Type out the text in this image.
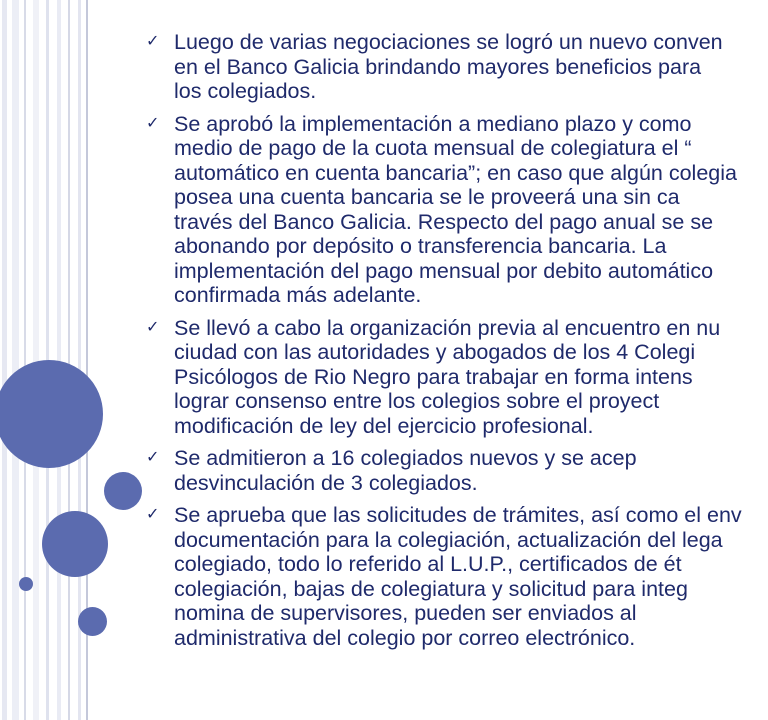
✓ Luego de varias negociaciones se logró un nuevo conven
en el Banco Galicia brindando mayores beneficios para
los colegiados.
✓ Se aprobó la implementación a mediano plazo y como
medio de pago de la cuota mensual de colegiatura el “
automático en cuenta bancaria”; en caso que algún colegia
posea una cuenta bancaria se le proveerá una sin ca
través del Banco Galicia. Respecto del pago anual se se
abonando por depósito o transferencia bancaria. La
implementación del pago mensual por debito automático
confirmada más adelante.
✓ Se llevó a cabo la organización previa al encuentro en nu
ciudad con las autoridades y abogados de los 4 Colegi
Psicólogos de Rio Negro para trabajar en forma intens
lograr consenso entre los colegios sobre el proyect
modificación de ley del ejercicio profesional.
✓ Se admitieron a 16 colegiados nuevos y se acep
desvinculación de 3 colegiados.
✓ Se aprueba que las solicitudes de trámites, así como el env
documentación para la colegiación, actualización del lega
colegiado, todo lo referido al L.U.P., certificados de ét
colegiación, bajas de colegiatura y solicitud para integ
nomina de supervisores, pueden ser enviados al
administrativa del colegio por correo electrónico.
